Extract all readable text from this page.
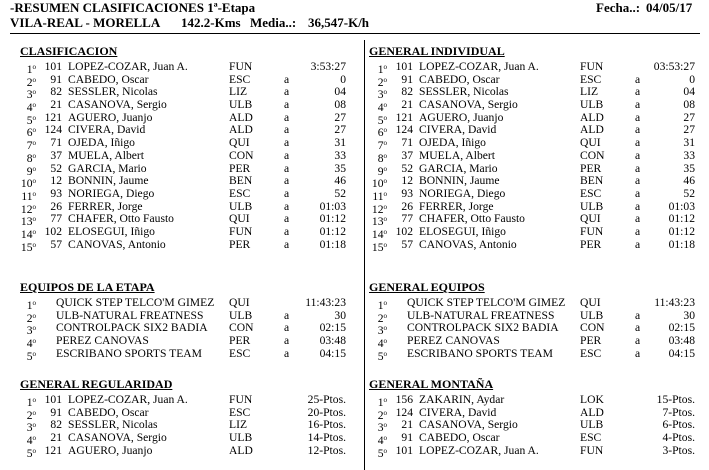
-RESUMEN CLASIFICACIONES 1ª-Etapa	Fecha..: 04/05/17
VILA-REAL - MORELLA 142.2-Kms Media..: 36,547-K/h
CLASIFICACION	GENERAL INDIVIDUAL
EQUIPOS DE LA ETAPA	GENERAL EQUIPOS
GENERAL REGULARIDAD	GENERAL MONTAÑA
1$^o$ 101 LOPEZ-COZAR, Juan A.	FUN	3:53:27
2$^o$	91 CABEDO, Oscar	ESC	a	0
3$^o$	82 SESSLER, Nicolas	LIZ	a	04
4$^o$	21 CASANOVA, Sergio	ULB	a	08
5$^o$ 121 AGUERO, Juanjo	ALD	a	27
6$^o$ 124 CIVERA, David	ALD	a	27
7$^o$	71 OJEDA, Iñigo	QUI	a	31
8$^o$	37 MUELA, Albert	CON	a	33
9$^o$	52 GARCIA, Mario	PER	a	35
10$^o$	12 BONNIN, Jaume	BEN	a	46
11$^o$	93 NORIEGA, Diego	ESC	a	52
12$^o$	26 FERRER, Jorge	ULB	a	01:03
13$^o$	77 CHAFER, Otto Fausto	QUI	a	01:12
14$^o$ 102 ELOSEGUI, Iñigo	FUN	a	01:12
15$^o$	57 CANOVAS, Antonio	PER	a	01:18
1$^o$ 101 LOPEZ-COZAR, Juan A.	FUN	03:53:27
2$^o$	91 CABEDO, Oscar	ESC	a	0
3$^o$	82 SESSLER, Nicolas	LIZ	a	04
4$^o$	21 CASANOVA, Sergio	ULB	a	08
5$^o$ 121 AGUERO, Juanjo	ALD	a	27
6$^o$ 124 CIVERA, David	ALD	a	27
7$^o$	71 OJEDA, Iñigo	QUI	a	31
8$^o$	37 MUELA, Albert	CON	a	33
9$^o$	52 GARCIA, Mario	PER	a	35
10$^o$	12 BONNIN, Jaume	BEN	a	46
11$^o$	93 NORIEGA, Diego	ESC	a	52
12$^o$	26 FERRER, Jorge	ULB	a 01:03
13$^o$	77 CHAFER, Otto Fausto	QUI	a 01:12
14$^o$ 102 ELOSEGUI, Iñigo	FUN	a 01:12
15$^o$	57 CANOVAS, Antonio	PER	a 01:18
1$^o$ QUICK STEP TELCO'M GIMEZ QUI	11:43:23
2$^o$ ULB-NATURAL FREATNESS ULB	a	30
3$^o$ CONTROLPACK SIX2 BADIA CON	a	02:15
4$^o$ PEREZ CANOVAS	PER	a	03:48
5$^o$ ESCRIBANO SPORTS TEAM ESC	a	04:15
1$^o$ QUICK STEP TELCO'M GIMEZ QUI	11:43:23
2$^o$ ULB-NATURAL FREATNESS ULB	a	30
3$^o$ CONTROLPACK SIX2 BADIA CON	a 02:15
4$^o$ PEREZ CANOVAS	PER	a 03:48
5$^o$ ESCRIBANO SPORTS TEAM ESC	a 04:15
1$^o$ 101 LOPEZ-COZAR, Juan A.	FUN	25-Ptos.
2$^o$	91 CABEDO, Oscar	ESC	20-Ptos.
3$^o$	82 SESSLER, Nicolas	LIZ	16-Ptos.
4$^o$	21 CASANOVA, Sergio	ULB	14-Ptos.
5$^o$ 121 AGUERO, Juanjo	ALD	12-Ptos.
1$^o$ 156 ZAKARIN, Aydar	LOK	15-Ptos.
2$^o$ 124 CIVERA, David	ALD	7-Ptos.
3$^o$	21 CASANOVA, Sergio	ULB	6-Ptos.
4$^o$	91 CABEDO, Oscar	ESC	4-Ptos.
5$^o$ 101 LOPEZ-COZAR, Juan A.	FUN	3-Ptos.
